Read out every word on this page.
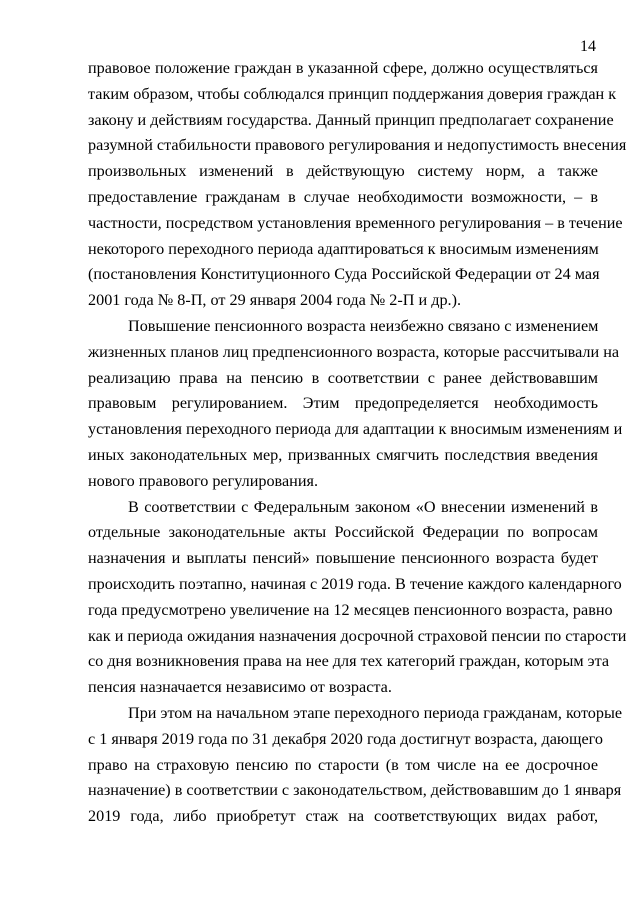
14
правовое положение граждан в указанной сфере, должно осуществляться
таким образом, чтобы соблюдался принцип поддержания доверия граждан к
закону и действиям государства. Данный принцип предполагает сохранение
разумной стабильности правового регулирования и недопустимость внесения
произвольных изменений в действующую систему норм, а также
предоставление гражданам в случае необходимости возможности, – в
частности, посредством установления временного регулирования – в течение
некоторого переходного периода адаптироваться к вносимым изменениям
(постановления Конституционного Суда Российской Федерации от 24 мая
2001 года № 8-П, от 29 января 2004 года № 2-П и др.).
Повышение пенсионного возраста неизбежно связано с изменением
жизненных планов лиц предпенсионного возраста, которые рассчитывали на
реализацию права на пенсию в соответствии с ранее действовавшим
правовым регулированием. Этим предопределяется необходимость
установления переходного периода для адаптации к вносимым изменениям и
иных законодательных мер, призванных смягчить последствия введения
нового правового регулирования.
В соответствии с Федеральным законом «О внесении изменений в
отдельные законодательные акты Российской Федерации по вопросам
назначения и выплаты пенсий» повышение пенсионного возраста будет
происходить поэтапно, начиная с 2019 года. В течение каждого календарного
года предусмотрено увеличение на 12 месяцев пенсионного возраста, равно
как и периода ожидания назначения досрочной страховой пенсии по старости
со дня возникновения права на нее для тех категорий граждан, которым эта
пенсия назначается независимо от возраста.
При этом на начальном этапе переходного периода гражданам, которые
с 1 января 2019 года по 31 декабря 2020 года достигнут возраста, дающего
право на страховую пенсию по старости (в том числе на ее досрочное
назначение) в соответствии с законодательством, действовавшим до 1 января
2019 года, либо приобретут стаж на соответствующих видах работ,
